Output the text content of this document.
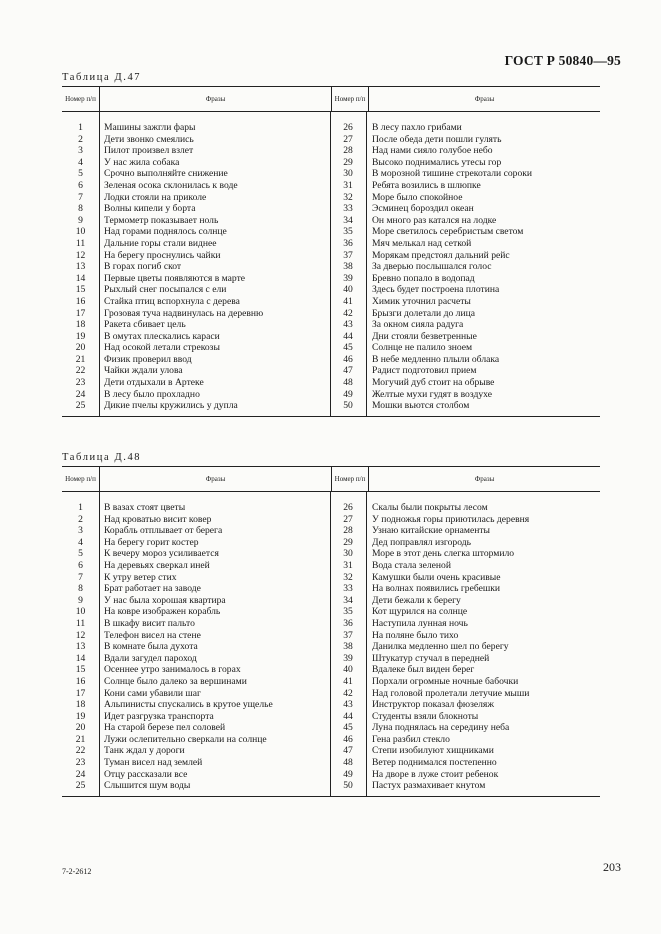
ГОСТ Р 50840—95
Таблица Д.47
Номер п/п	Фразы	Номер п/п	Фразы
1	Машины зажгли фары	26	В лесу пахло грибами
2	Дети звонко смеялись	27	После обеда дети пошли гулять
3	Пилот произвел взлет	28	Над нами сияло голубое небо
4	У нас жила собака	29	Высоко поднимались утесы гор
5	Срочно выполняйте снижение	30	В морозной тишине стрекотали сороки
6	Зеленая осока склонилась к воде	31	Ребята возились в шлюпке
7	Лодки стояли на приколе	32	Море было спокойное
8	Волны кипели у борта	33	Эсминец бороздил океан
9	Термометр показывает ноль	34	Он много раз катался на лодке
10	Над горами поднялось солнце	35	Море светилось серебристым светом
11	Дальние горы стали виднее	36	Мяч мелькал над сеткой
12	На берегу проснулись чайки	37	Морякам предстоял дальний рейс
13	В горах погиб скот	38	За дверью послышался голос
14	Первые цветы появляются в марте	39	Бревно попало в водопад
15	Рыхлый снег посыпался с ели	40	Здесь будет построена плотина
16	Стайка птиц вспорхнула с дерева	41	Химик уточнил расчеты
17	Грозовая туча надвинулась на деревню	42	Брызги долетали до лица
18	Ракета сбивает цель	43	За окном сияла радуга
19	В омутах плескались караси	44	Дни стояли безветренные
20	Над осокой летали стрекозы	45	Солнце не палило зноем
21	Физик проверил ввод	46	В небе медленно плыли облака
22	Чайки ждали улова	47	Радист подготовил прием
23	Дети отдыхали в Артеке	48	Могучий дуб стоит на обрыве
24	В лесу было прохладно	49	Желтые мухи гудят в воздухе
25	Дикие пчелы кружились у дупла	50	Мошки вьются столбом
Таблица Д.48
Номер п/п	Фразы	Номер п/п	Фразы
1	В вазах стоят цветы	26	Скалы были покрыты лесом
2	Над кроватью висит ковер	27	У подножья горы приютилась деревня
3	Корабль отплывает от берега	28	Узнаю китайские орнаменты
4	На берегу горит костер	29	Дед поправлял изгородь
5	К вечеру мороз усиливается	30	Море в этот день слегка штормило
6	На деревьях сверкал иней	31	Вода стала зеленой
7	К утру ветер стих	32	Камушки были очень красивые
8	Брат работает на заводе	33	На волнах появились гребешки
9	У нас была хорошая квартира	34	Дети бежали к берегу
10	На ковре изображен корабль	35	Кот щурился на солнце
11	В шкафу висит пальто	36	Наступила лунная ночь
12	Телефон висел на стене	37	На поляне было тихо
13	В комнате была духота	38	Данилка медленно шел по берегу
14	Вдали загудел пароход	39	Штукатур стучал в передней
15	Осеннее утро занималось в горах	40	Вдалеке был виден берег
16	Солнце было далеко за вершинами	41	Порхали огромные ночные бабочки
17	Кони сами убавили шаг	42	Над головой пролетали летучие мыши
18	Альпинисты спускались в крутое ущелье	43	Инструктор показал фюзеляж
19	Идет разгрузка транспорта	44	Студенты взяли блокноты
20	На старой березе пел соловей	45	Луна поднялась на середину неба
21	Лужи ослепительно сверкали на солнце	46	Гена разбил стекло
22	Танк ждал у дороги	47	Степи изобилуют хищниками
23	Туман висел над землей	48	Ветер поднимался постепенно
24	Отцу рассказали все	49	На дворе в луже стоит ребенок
25	Слышится шум воды	50	Пастух размахивает кнутом
7-2-2612	203
